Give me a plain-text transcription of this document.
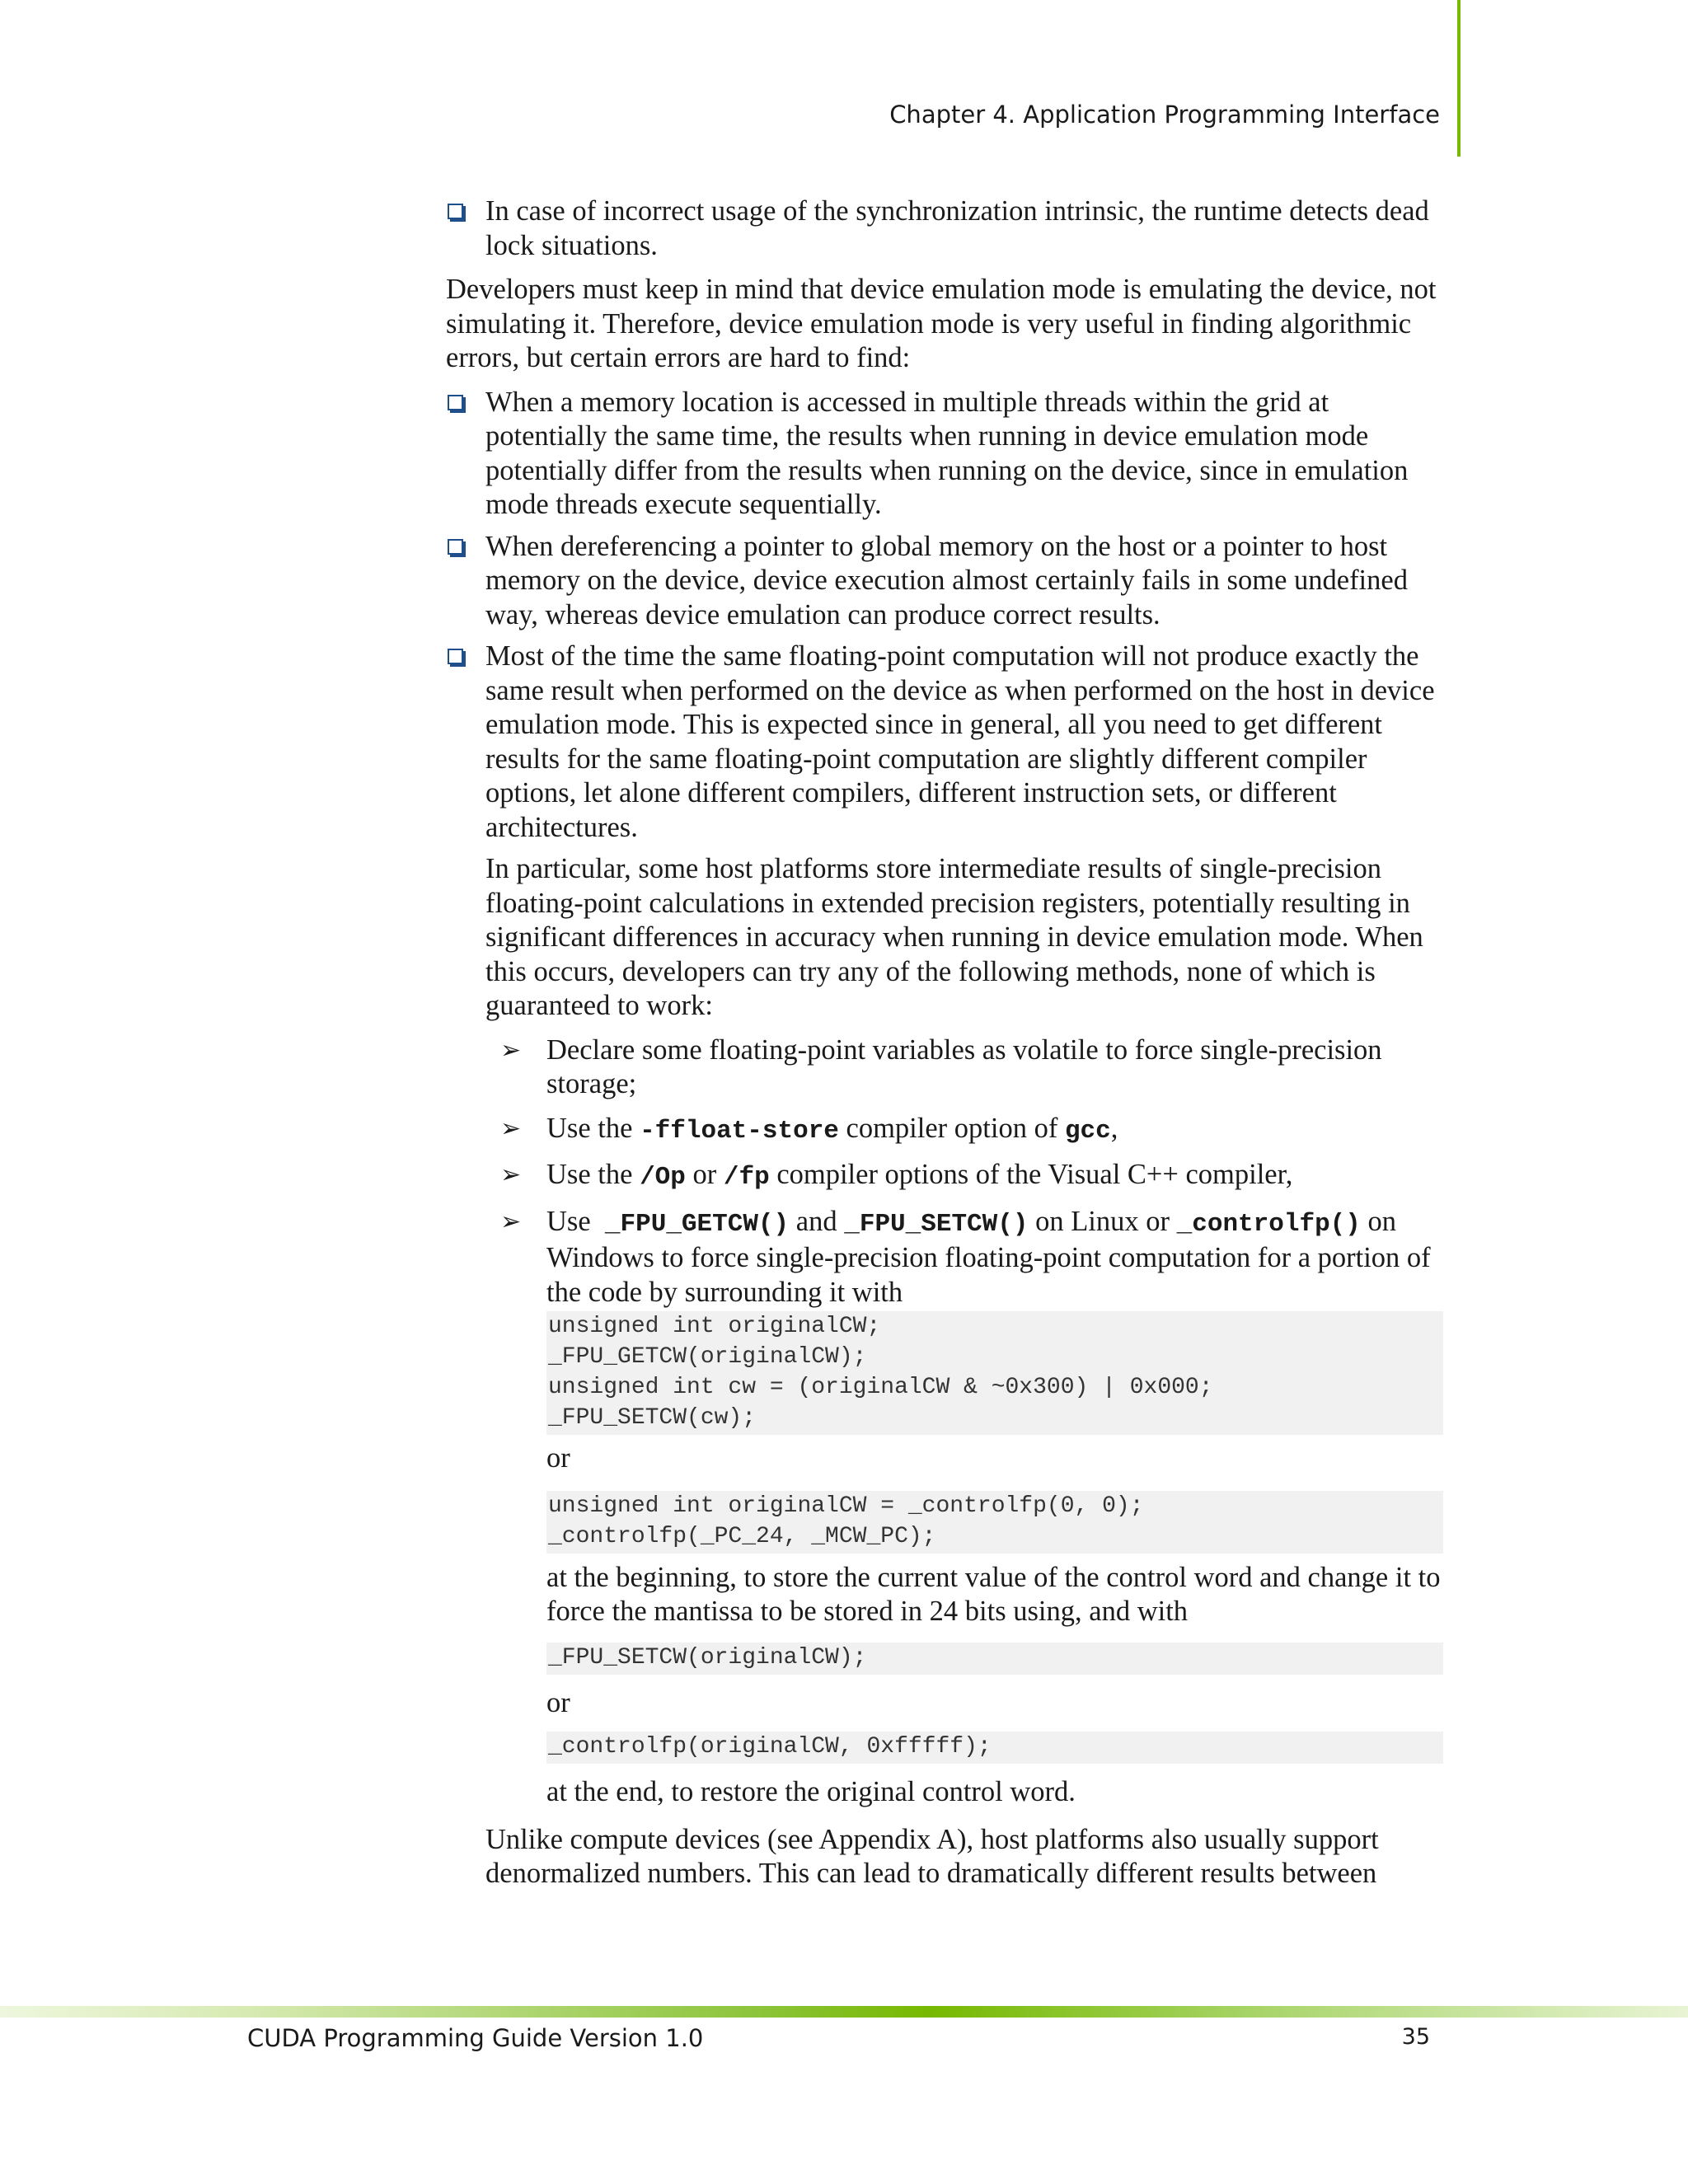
Chapter 4. Application Programming Interface

In case of incorrect usage of the synchronization intrinsic, the runtime detects dead lock situations.

Developers must keep in mind that device emulation mode is emulating the device, not simulating it. Therefore, device emulation mode is very useful in finding algorithmic errors, but certain errors are hard to find:

When a memory location is accessed in multiple threads within the grid at potentially the same time, the results when running in device emulation mode potentially differ from the results when running on the device, since in emulation mode threads execute sequentially.

When dereferencing a pointer to global memory on the host or a pointer to host memory on the device, device execution almost certainly fails in some undefined way, whereas device emulation can produce correct results.

Most of the time the same floating-point computation will not produce exactly the same result when performed on the device as when performed on the host in device emulation mode. This is expected since in general, all you need to get different results for the same floating-point computation are slightly different compiler options, let alone different compilers, different instruction sets, or different architectures.

In particular, some host platforms store intermediate results of single-precision floating-point calculations in extended precision registers, potentially resulting in significant differences in accuracy when running in device emulation mode. When this occurs, developers can try any of the following methods, none of which is guaranteed to work:

➢ Declare some floating-point variables as volatile to force single-precision storage;

➢ Use the -ffloat-store compiler option of gcc,

➢ Use the /Op or /fp compiler options of the Visual C++ compiler,

➢ Use  _FPU_GETCW() and _FPU_SETCW() on Linux or _controlfp() on Windows to force single-precision floating-point computation for a portion of the code by surrounding it with

unsigned int originalCW;
_FPU_GETCW(originalCW);
unsigned int cw = (originalCW & ~0x300) | 0x000;
_FPU_SETCW(cw);

or

unsigned int originalCW = _controlfp(0, 0);
_controlfp(_PC_24, _MCW_PC);

at the beginning, to store the current value of the control word and change it to force the mantissa to be stored in 24 bits using, and with

_FPU_SETCW(originalCW);

or

_controlfp(originalCW, 0xfffff);

at the end, to restore the original control word.

Unlike compute devices (see Appendix A), host platforms also usually support denormalized numbers. This can lead to dramatically different results between

CUDA Programming Guide Version 1.0	35
